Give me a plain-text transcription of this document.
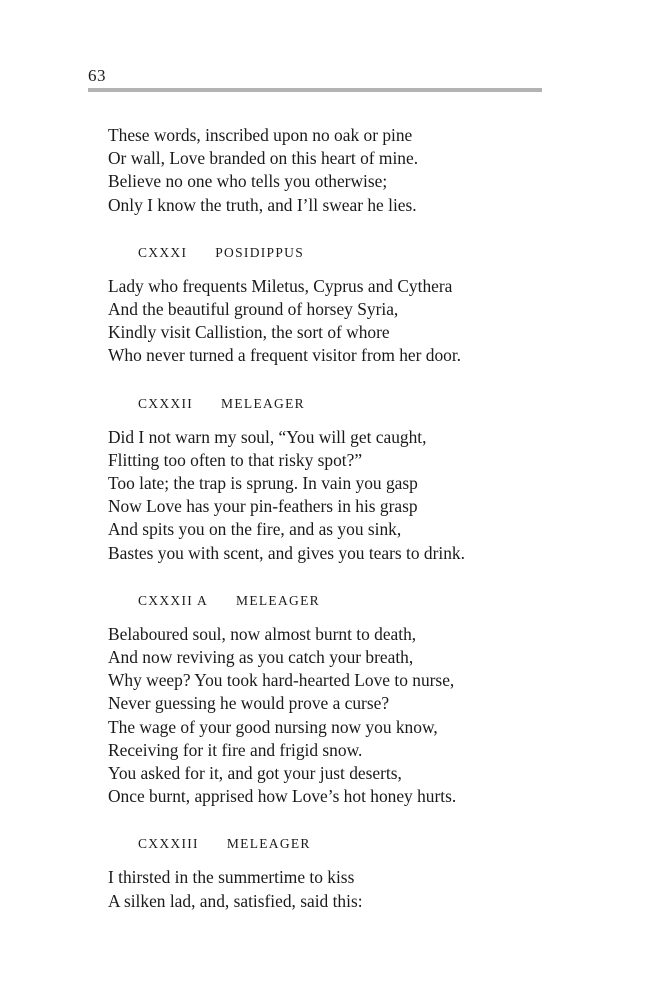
63
These words, inscribed upon no oak or pine
Or wall, Love branded on this heart of mine.
Believe no one who tells you otherwise;
Only I know the truth, and I’ll swear he lies.
CXXXI POSIDIPPUS
Lady who frequents Miletus, Cyprus and Cythera
And the beautiful ground of horsey Syria,
Kindly visit Callistion, the sort of whore
Who never turned a frequent visitor from her door.
CXXXII MELEAGER
Did I not warn my soul, “You will get caught,
Flitting too often to that risky spot?”
Too late; the trap is sprung. In vain you gasp
Now Love has your pin-feathers in his grasp
And spits you on the fire, and as you sink,
Bastes you with scent, and gives you tears to drink.
CXXXII A MELEAGER
Belaboured soul, now almost burnt to death,
And now reviving as you catch your breath,
Why weep? You took hard-hearted Love to nurse,
Never guessing he would prove a curse?
The wage of your good nursing now you know,
Receiving for it fire and frigid snow.
You asked for it, and got your just deserts,
Once burnt, apprised how Love’s hot honey hurts.
CXXXIII MELEAGER
I thirsted in the summertime to kiss
A silken lad, and, satisfied, said this:
